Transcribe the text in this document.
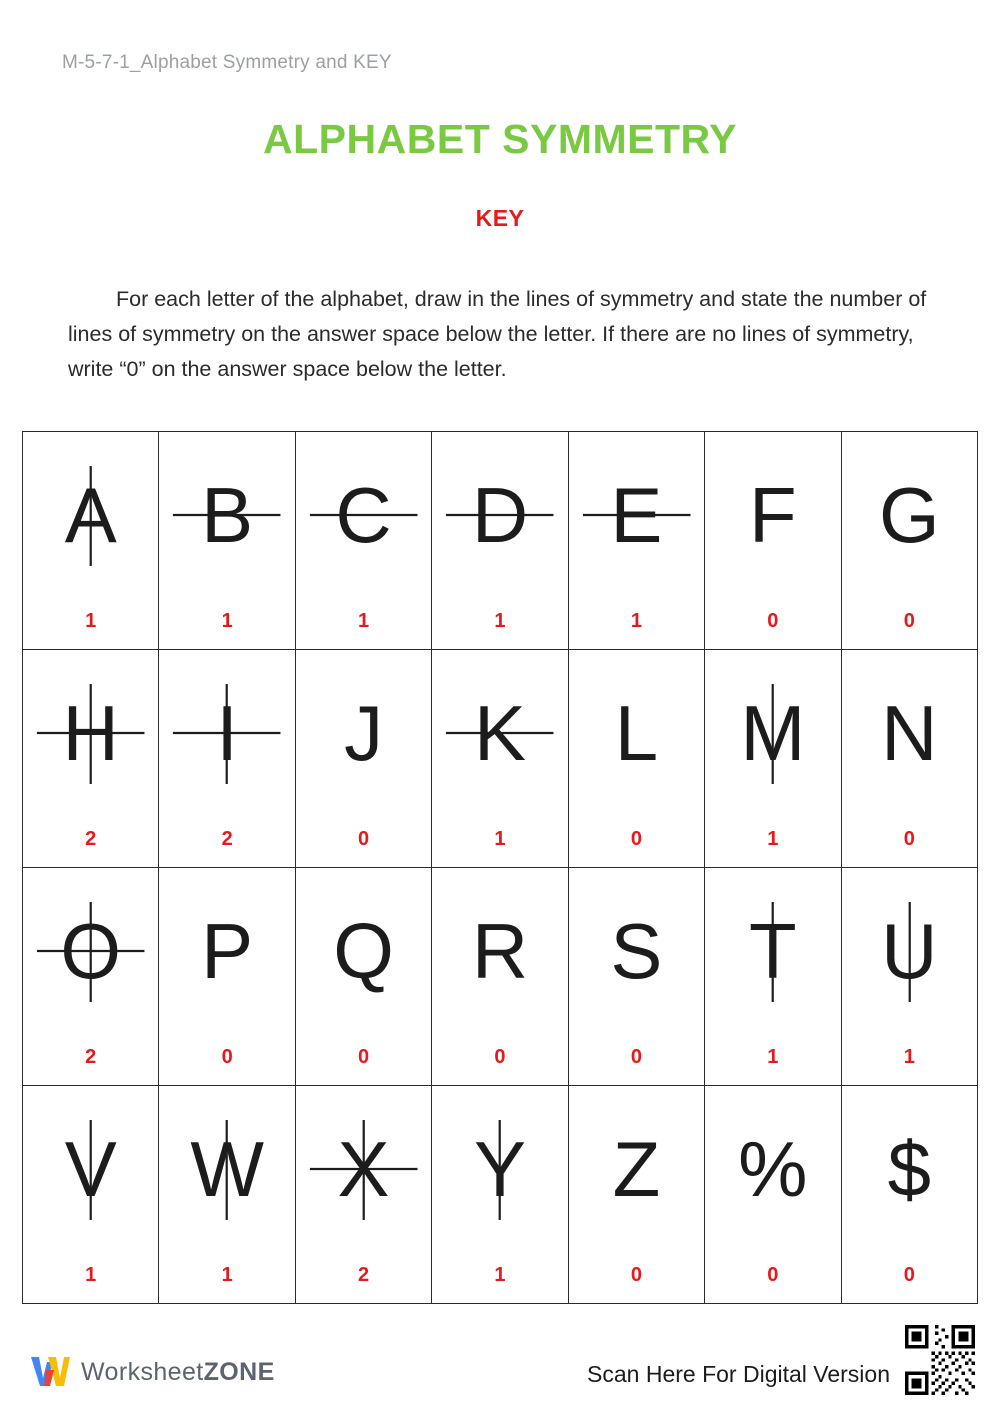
M-5-7-1_Alphabet Symmetry and KEY
ALPHABET SYMMETRY
KEY
For each letter of the alphabet, draw in the lines of symmetry and state the number of lines of symmetry on the answer space below the letter. If there are no lines of symmetry, write “0” on the answer space below the letter.
A
1
B
1
C
1
D
1
E
1
F
0
G
0
H
2
I
2
J
0
K
1
L
0
M
1
N
0
O
2
P
0
Q
0
R
0
S
0
T
1
U
1
V
1
W
1
X
2
Y
1
Z
0
%
0
$
0
WorksheetZONE	Scan Here For Digital Version
